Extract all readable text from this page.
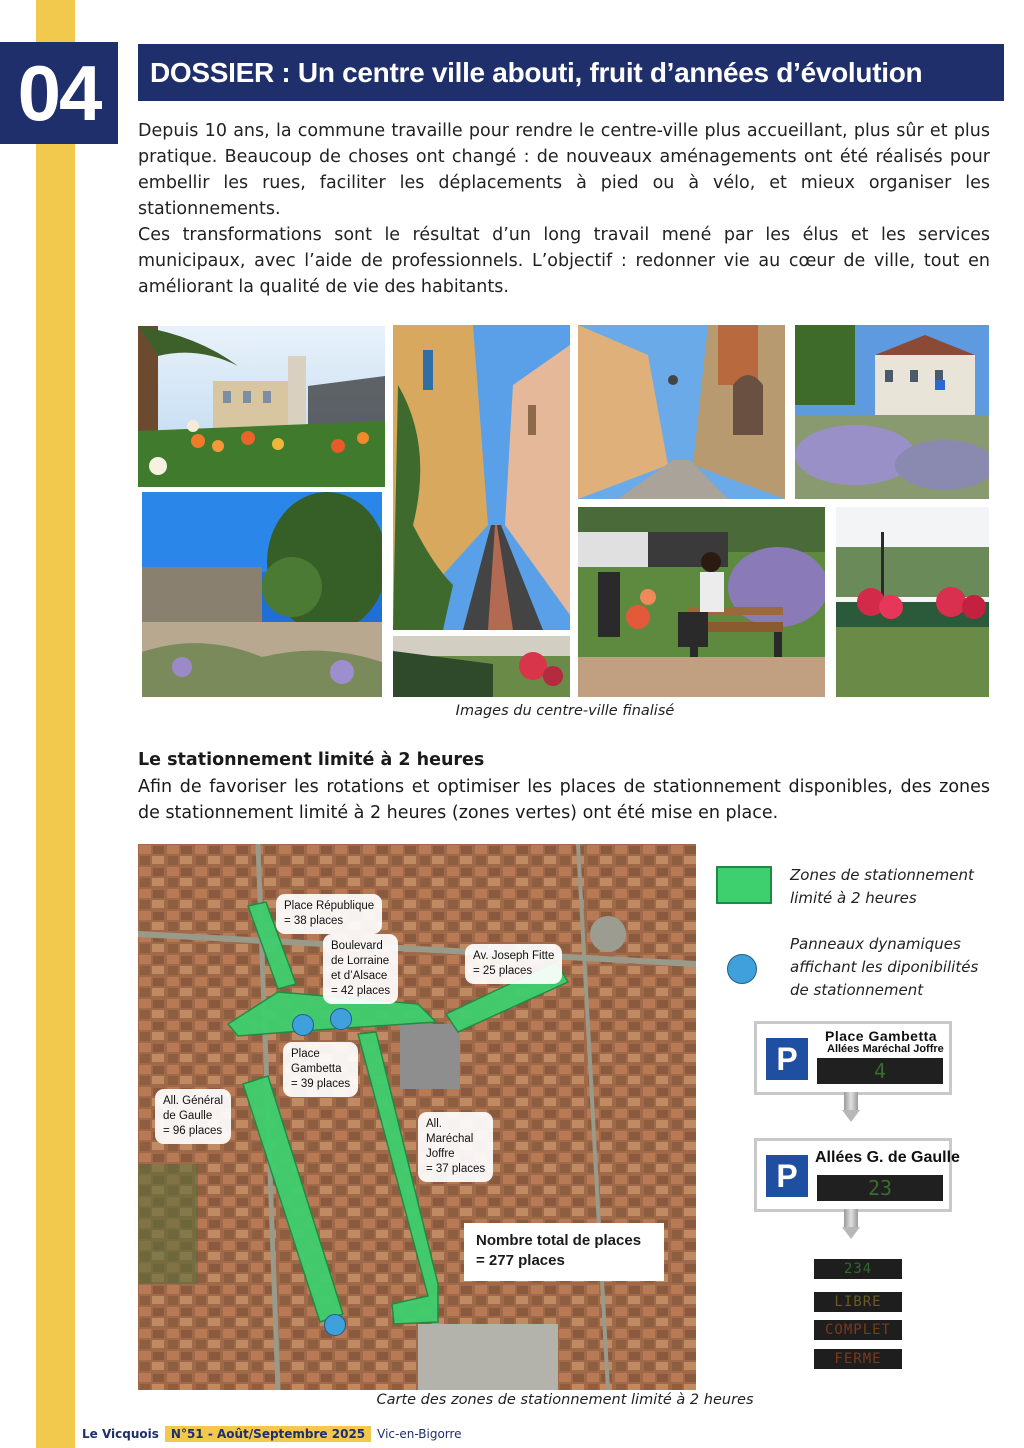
04	DOSSIER : Un centre ville abouti, fruit d’années d’évolution

Depuis 10 ans, la commune travaille pour rendre le centre-ville plus accueillant, plus sûr et plus pratique. Beaucoup de choses ont changé : de nouveaux aménagements ont été réalisés pour embellir les rues, faciliter les déplacements à pied ou à vélo, et mieux organiser les stationnements.

Ces transformations sont le résultat d’un long travail mené par les élus et les services municipaux, avec l’aide de professionnels. L’objectif : redonner vie au cœur de ville, tout en améliorant la qualité de vie des habitants.

Images du centre-ville finalisé
Le stationnement limité à 2 heures
Afin de favoriser les rotations et optimiser les places de stationnement disponibles, des zones de stationnement limité à 2 heures (zones vertes) ont été mise en place.
Place République
= 38 places
Boulevard
de Lorraine
et d’Alsace
= 42 places
Av. Joseph Fitte
= 25 places
Place
Gambetta
= 39 places
All. Général
de Gaulle
= 96 places
All.
Maréchal
Joffre
= 37 places
Nombre total de places
= 277 places
Carte des zones de stationnement limité à 2 heures
Zones de stationnement
limité à 2 heures
Panneaux dynamiques
affichant les diponibilités
de stationnement
P
Place Gambetta
Allées Maréchal Joffre
4
P	Allées G. de Gaulle
23
234
LIBRE
COMPLET
FERME
Le Vicquois	N°51 - Août/Septembre 2025	Vic-en-Bigorre
